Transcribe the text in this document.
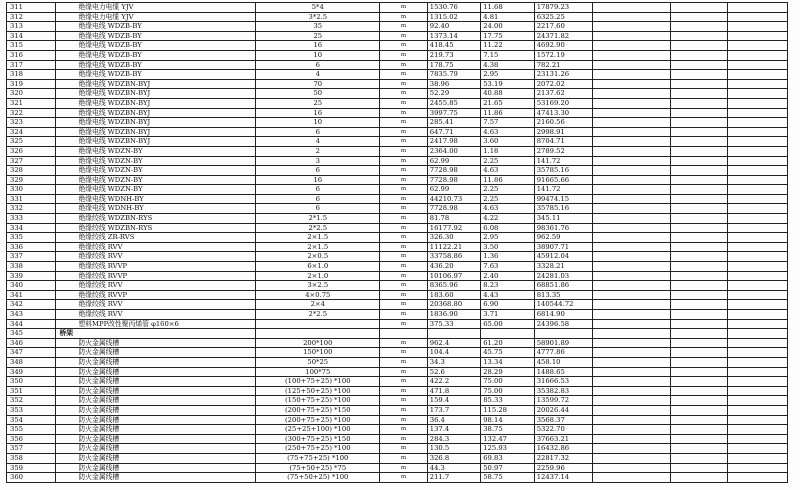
311	绝缘电力电缆 YJV	5*4	m	1530.76	11.68	17879.23			
312	绝缘电力电缆 YJV	3*2.5	m	1315.02	4.81	6325.25			
313	绝缘电线 WDZB-BY	35	m	92.40	24.00	2217.60			
314	绝缘电线 WDZB-BY	25	m	1373.14	17.75	24371.82			
315	绝缘电线 WDZB-BY	16	m	418.45	11.22	4692.90			
316	绝缘电线 WDZB-BY	10	m	219.73	7.15	1572.19			
317	绝缘电线 WDZB-BY	6	m	178.75	4.38	782.21			
318	绝缘电线 WDZB-BY	4	m	7835.79	2.95	23131.26			
319	绝缘电线 WDZBN-BYJ	70	m	38.96	53.19	2072.02			
320	绝缘电线 WDZBN-BYJ	50	m	52.29	40.88	2137.62			
321	绝缘电线 WDZBN-BYJ	25	m	2455.85	21.65	53169.20			
322	绝缘电线 WDZBN-BYJ	16	m	3997.75	11.86	47413.30			
323	绝缘电线 WDZBN-BYJ	10	m	285.41	7.57	2160.56			
324	绝缘电线 WDZBN-BYJ	6	m	647.71	4.63	2998.91			
325	绝缘电线 WDZBN-BYJ	4	m	2417.98	3.60	8704.71			
326	绝缘电线 WDZN-BY	2	m	2364.00	1.18	2789.52			
327	绝缘电线 WDZN-BY	3	m	62.99	2.25	141.72			
328	绝缘电线 WDZN-BY	6	m	7728.98	4.63	35785.16			
329	绝缘电线 WDZN-BY	16	m	7728.98	11.86	91665.66			
330	绝缘电线 WDZN-BY	6	m	62.99	2.25	141.72			
331	绝缘电线 WDNH-BY	6	m	44210.73	2.25	99474.15			
332	绝缘电线 WDNH-BY	6	m	7728.98	4.63	35785.16			
333	绝缘绞线 WDZBN-RYS	2*1.5	m	81.78	4.22	345.11			
334	绝缘绞线 WDZBN-RYS	2*2.5	m	16177.92	6.08	98361.76			
335	绝缘绞线 ZR-RVS	2×1.5	m	326.30	2.95	962.59			
336	绝缘绞线 RVV	2×1.5	m	11122.21	3.50	38907.71			
337	绝缘绞线 RVV	2×0.5	m	33758.86	1.36	45912.04			
338	绝缘绞线 RVVP	6×1.0	m	436.20	7.63	3328.21			
339	绝缘绞线 RVVP	2×1.0	m	10106.97	2.40	24281.03			
340	绝缘绞线 RVV	3×2.5	m	8365.96	8.23	68851.86			
341	绝缘绞线 RVVP	4×0.75	m	183.60	4.43	813.35			
342	绝缘绞线 RVV	2×4	m	20368.80	6.90	140544.72			
343	绝缘绞线 RVV	2*2.5	m	1836.90	3.71	6814.90			
344	塑料MPP改性聚丙烯管 φ160×6		m	375.33	65.00	24396.58			
345	桥架								
346	防火金属线槽	200*100	m	962.4	61.20	58901.89			
347	防火金属线槽	150*100	m	104.4	45.75	4777.86			
348	防火金属线槽	50*25	m	34.3	13.34	458.10			
349	防火金属线槽	100*75	m	52.6	28.29	1488.65			
350	防火金属线槽	(100+75+25) *100	m	422.2	75.00	31666.53			
351	防火金属线槽	(125+50+25) *100	m	471.8	75.00	35382.83			
352	防火金属线槽	(150+75+25) *100	m	159.4	85.33	13599.72			
353	防火金属线槽	(200+75+25) *150	m	173.7	115.28	20026.44			
354	防火金属线槽	(200+75+25) *100	m	36.4	98.14	3568.37			
355	防火金属线槽	(25+25+100) *100	m	137.4	38.75	5322.70			
356	防火金属线槽	(300+75+25) *150	m	284.3	132.47	37663.21			
357	防火金属线槽	(250+75+25) *100	m	130.5	125.93	16432.86			
358	防火金属线槽	(75+75+25) *100	m	326.8	69.83	22817.32			
359	防火金属线槽	(75+50+25) *75	m	44.3	50.97	2259.96			
360	防火金属线槽	(75+50+25) *100	m	211.7	58.75	12437.14			
